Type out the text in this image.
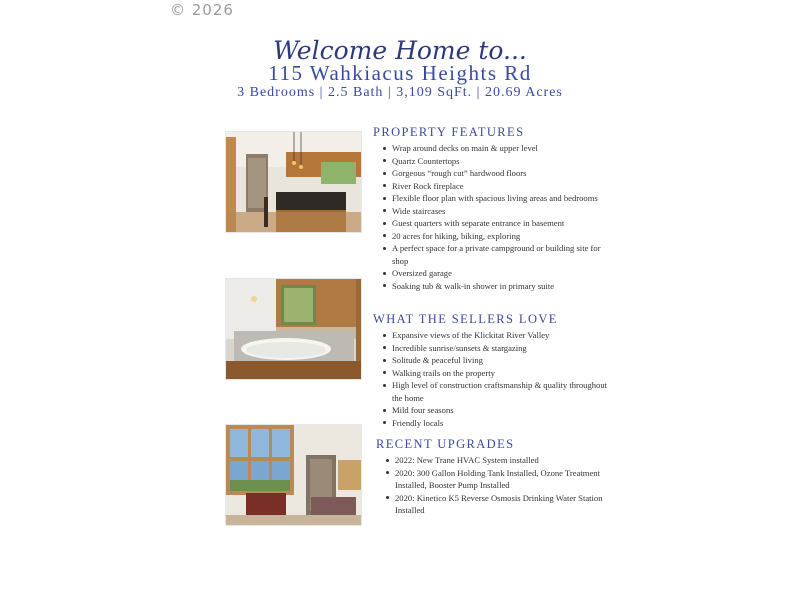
© 2026
Welcome Home to...
115 Wahkiacus Heights Rd
3 Bedrooms | 2.5 Bath | 3,109 SqFt. | 20.69 Acres
PROPERTY FEATURES
Wrap around decks on main & upper level
Quartz Countertops
Gorgeous “rough cut” hardwood floors
River Rock fireplace
Flexible floor plan with spacious living areas and bedrooms
Wide staircases
Guest quarters with separate entrance in basement
20 acres for hiking, biking, exploring
A perfect space for a private campground or building site for shop
Oversized garage
Soaking tub & walk-in shower in primary suite
WHAT THE SELLERS LOVE
Expansive views of the Klickitat River Valley
Incredible sunrise/sunsets & stargazing
Solitude & peaceful living
Walking trails on the property
High level of construction craftsmanship & quality throughout the home
Mild four seasons
Friendly locals
RECENT UPGRADES
2022: New Trane HVAC System installed
2020: 300 Gallon Holding Tank Installed, Ozone Treatment Installed, Booster Pump Installed
2020: Kinetico K5 Reverse Osmosis Drinking Water Station Installed
